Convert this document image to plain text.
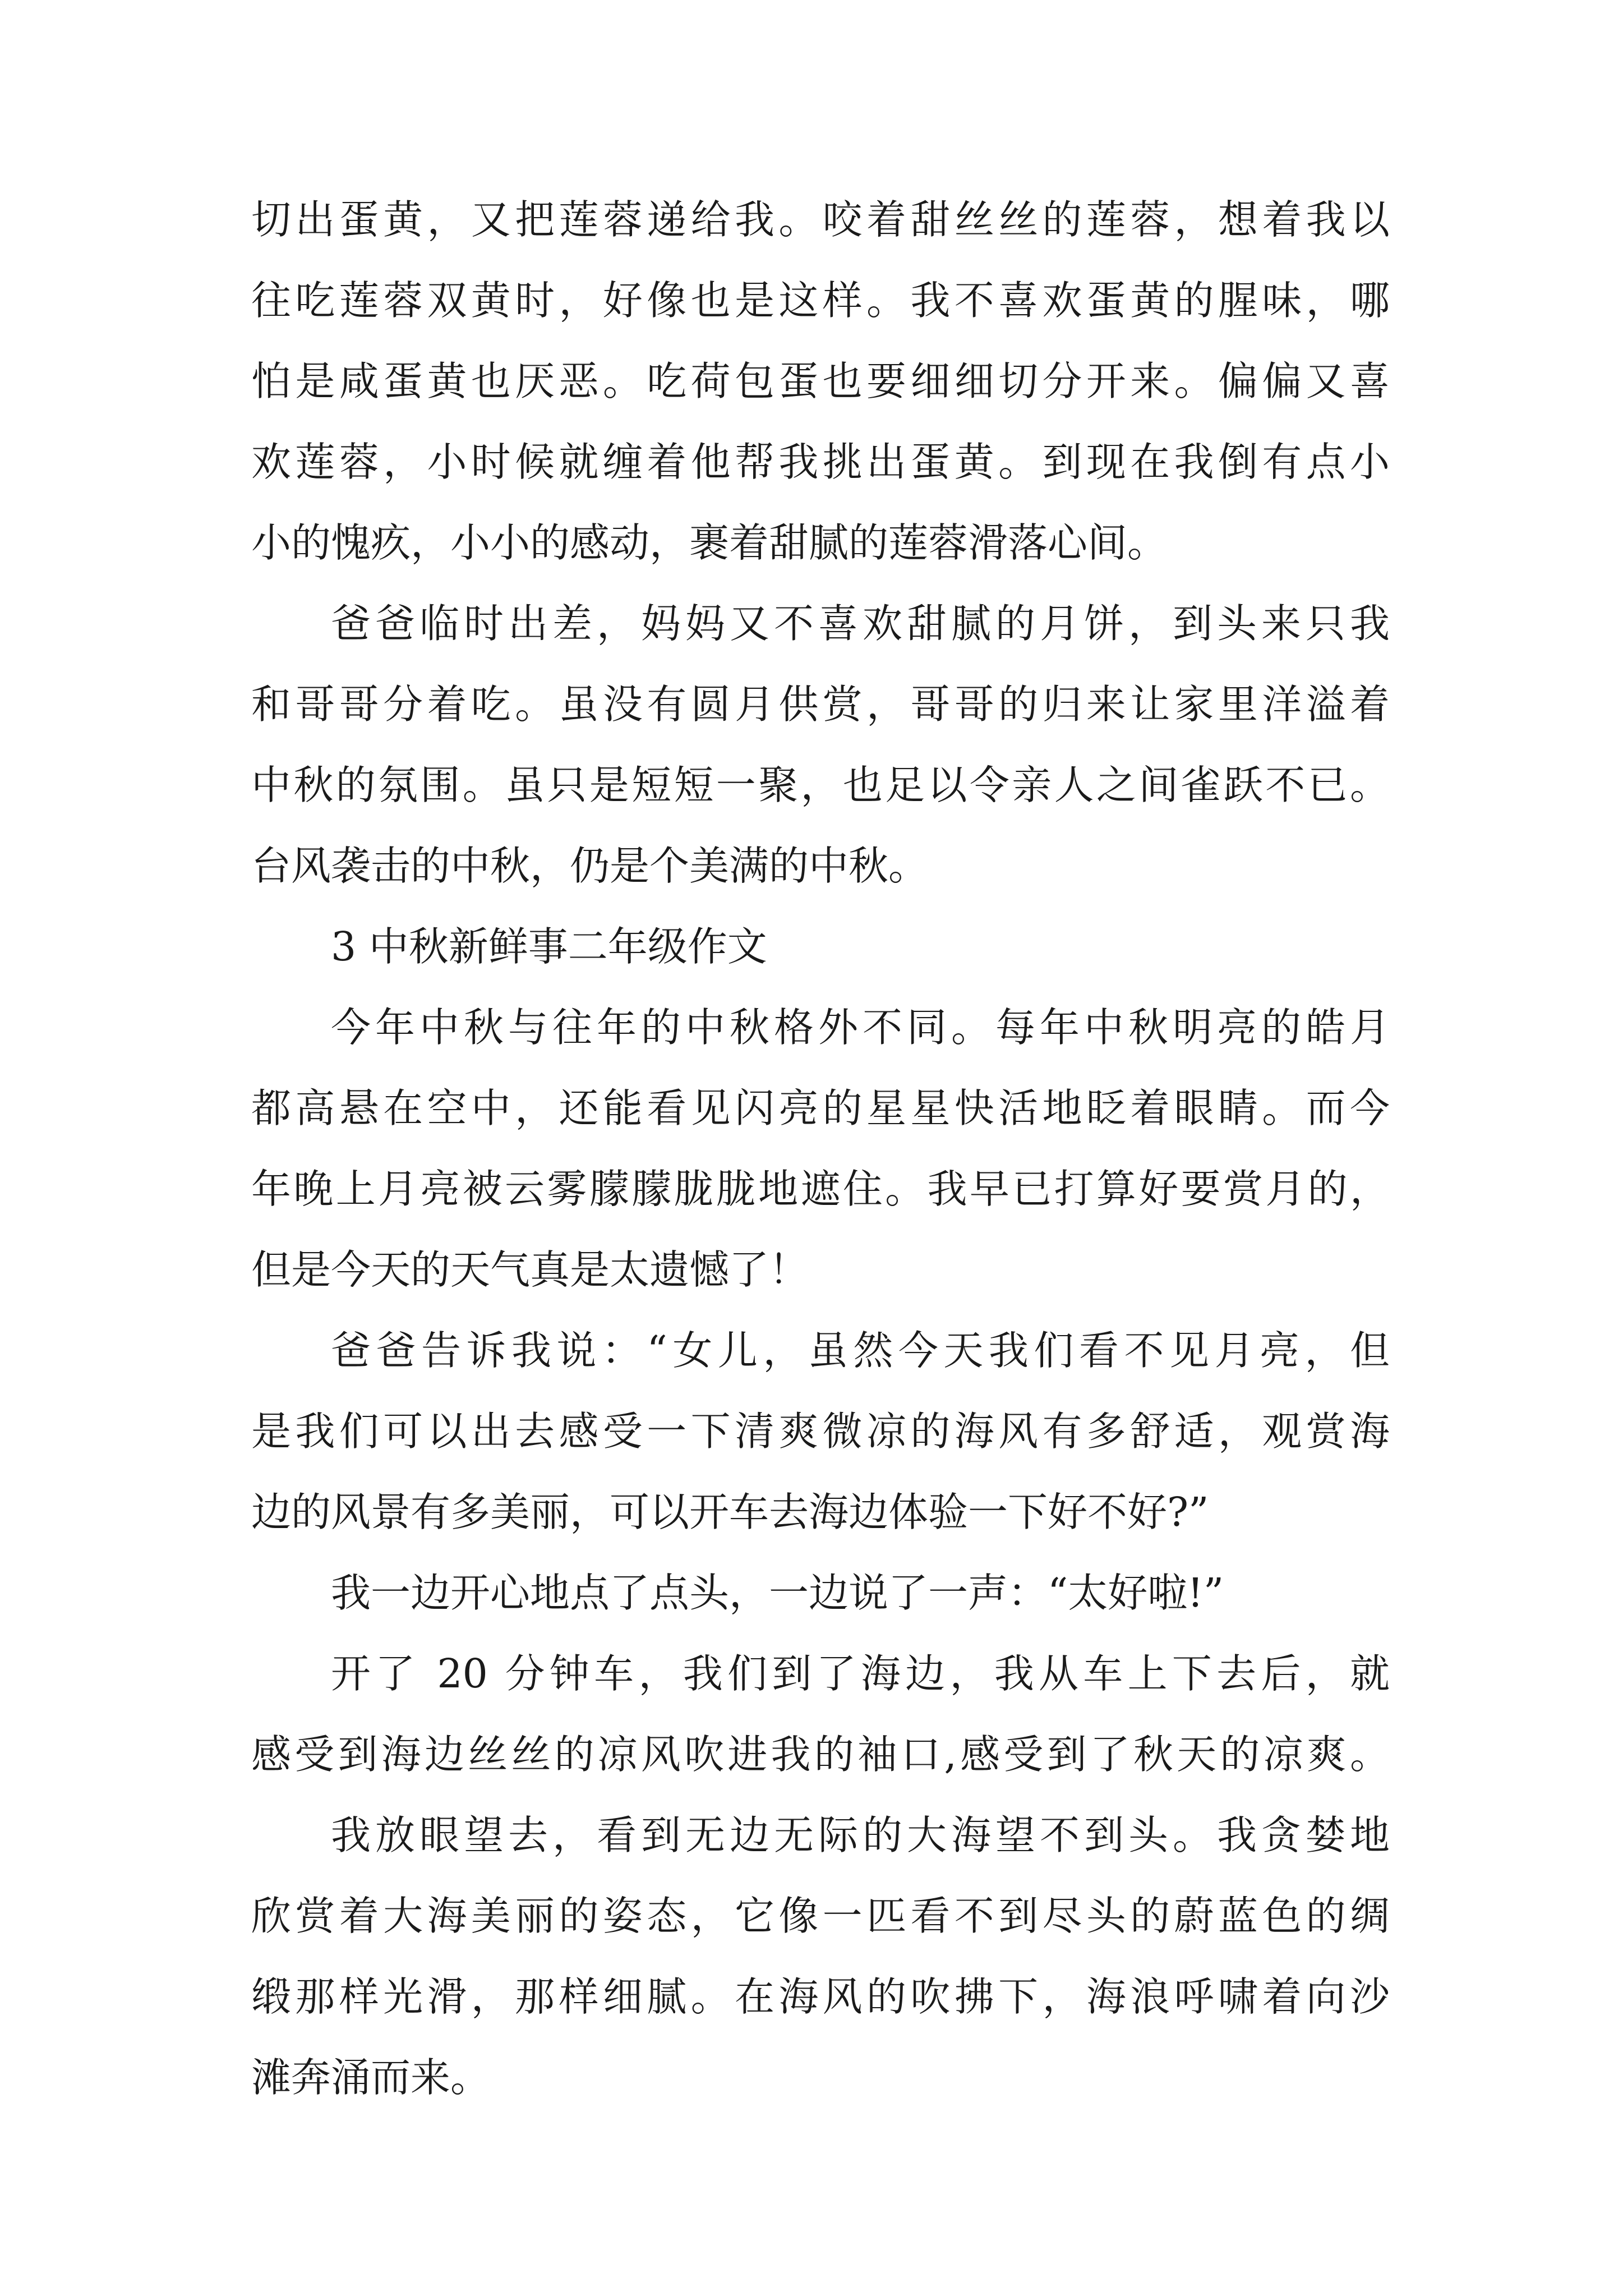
切出蛋黄，又把莲蓉递给我。咬着甜丝丝的莲蓉，想着我以
往吃莲蓉双黄时，好像也是这样。我不喜欢蛋黄的腥味，哪
怕是咸蛋黄也厌恶。吃荷包蛋也要细细切分开来。偏偏又喜
欢莲蓉，小时候就缠着他帮我挑出蛋黄。到现在我倒有点小
小的愧疚，小小的感动，裹着甜腻的莲蓉滑落心间。
爸爸临时出差，妈妈又不喜欢甜腻的月饼，到头来只我
和哥哥分着吃。虽没有圆月供赏，哥哥的归来让家里洋溢着
中秋的氛围。虽只是短短一聚，也足以令亲人之间雀跃不已。
台风袭击的中秋，仍是个美满的中秋。
3 中秋新鲜事二年级作文
今年中秋与往年的中秋格外不同。每年中秋明亮的皓月
都高悬在空中，还能看见闪亮的星星快活地眨着眼睛。而今
年晚上月亮被云雾朦朦胧胧地遮住。我早已打算好要赏月的，
但是今天的天气真是太遗憾了！
爸爸告诉我说：“女儿，虽然今天我们看不见月亮，但
是我们可以出去感受一下清爽微凉的海风有多舒适，观赏海
边的风景有多美丽，可以开车去海边体验一下好不好?”
我一边开心地点了点头，一边说了一声：“太好啦!”
开了 20 分钟车，我们到了海边，我从车上下去后，就
感受到海边丝丝的凉风吹进我的袖口,感受到了秋天的凉爽。
我放眼望去，看到无边无际的大海望不到头。我贪婪地
欣赏着大海美丽的姿态，它像一匹看不到尽头的蔚蓝色的绸
缎那样光滑，那样细腻。在海风的吹拂下，海浪呼啸着向沙
滩奔涌而来。
